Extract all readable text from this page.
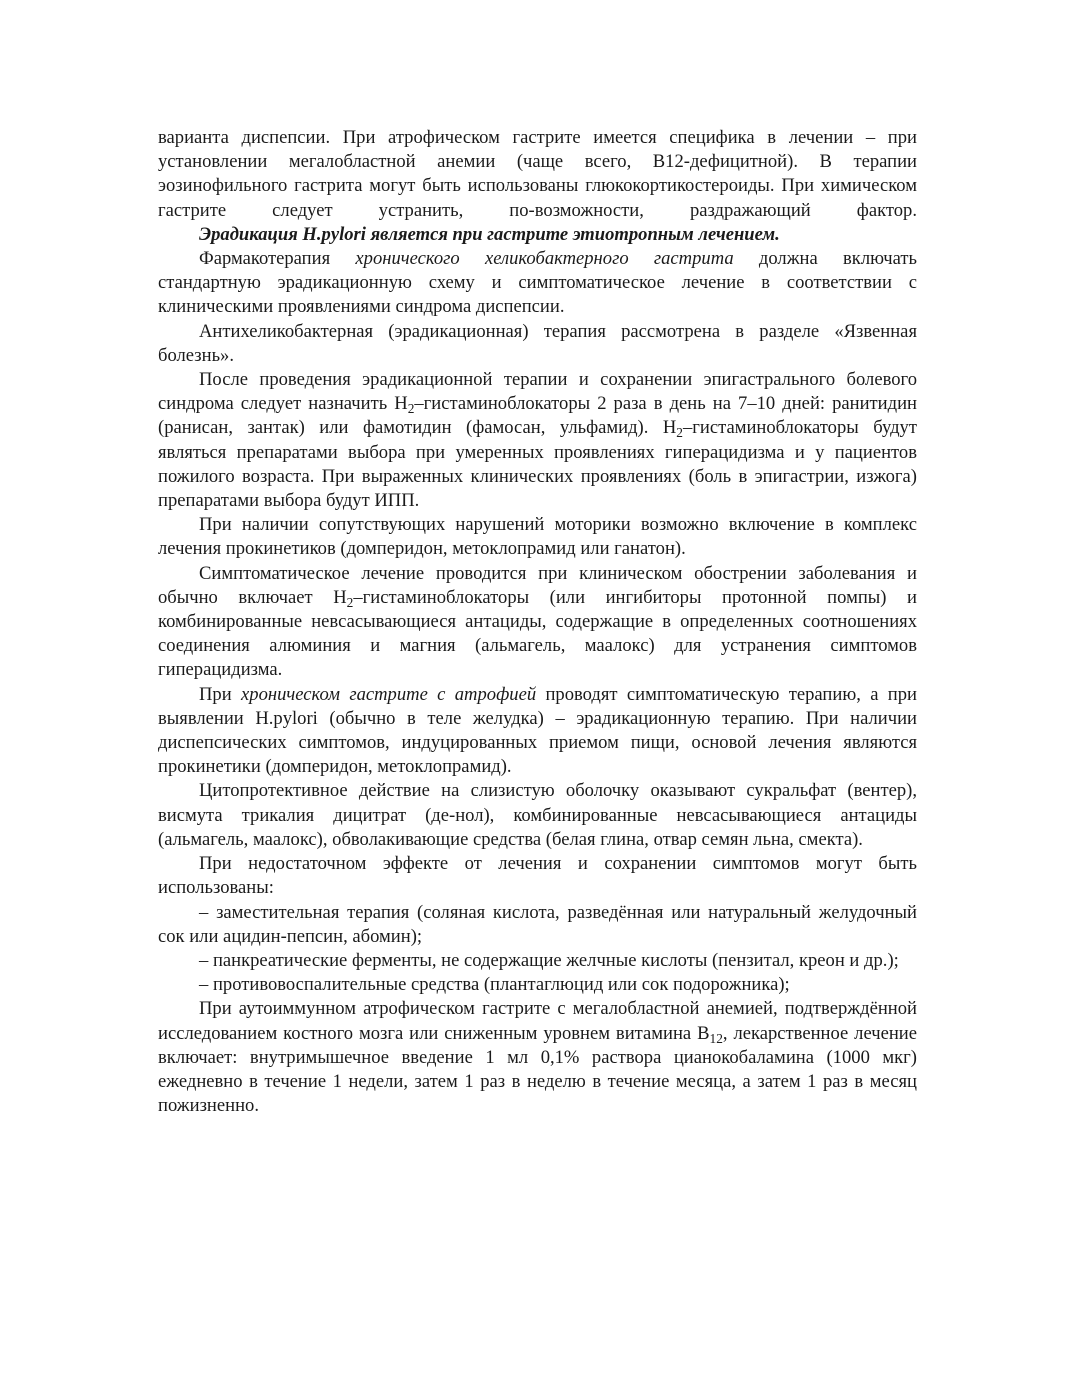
варианта диспепсии. При атрофическом гастрите имеется специфика в лечении – при установлении мегалобластной анемии (чаще всего, В12-дефицитной). В терапии эозинофильного гастрита могут быть использованы глюкокортикостероиды. При химическом гастрите следует устранить, по-возможности, раздражающий фактор.

Эрадикация H.pylori является при гастрите этиотропным лечением.

Фармакотерапия хронического хеликобактерного гастрита должна включать стандартную эрадикационную схему и симптоматическое лечение в соответствии с клиническими проявлениями синдрома диспепсии.

Антихеликобактерная (эрадикационная) терапия рассмотрена в разделе «Язвенная болезнь».

После проведения эрадикационной терапии и сохранении эпигастрального болевого синдрома следует назначить $Н_2$–гистаминоблокаторы 2 раза в день на 7–10 дней: ранитидин (ранисан, зантак) или фамотидин (фамосан, ульфамид). $Н_2$–гистаминоблокаторы будут являться препаратами выбора при умеренных проявлениях гиперацидизма и у пациентов пожилого возраста. При выраженных клинических проявлениях (боль в эпигастрии, изжога) препаратами выбора будут ИПП.

При наличии сопутствующих нарушений моторики возможно включение в комплекс лечения прокинетиков (домперидон, метоклопрамид или ганатон).

Симптоматическое лечение проводится при клиническом обострении заболевания и обычно включает $Н_2$–гистаминоблокаторы (или ингибиторы протонной помпы) и комбинированные невсасывающиеся антациды, содержащие в определенных соотношениях соединения алюминия и магния (альмагель, маалокс) для устранения симптомов гиперацидизма.

При хроническом гастрите с атрофией проводят симптоматическую терапию, а при выявлении H.pylori (обычно в теле желудка) – эрадикационную терапию. При наличии диспепсических симптомов, индуцированных приемом пищи, основой лечения являются прокинетики (домперидон, метоклопрамид).

Цитопротективное действие на слизистую оболочку оказывают сукральфат (вентер), висмута трикалия дицитрат (де-нол), комбинированные невсасывающиеся антациды (альмагель, маалокс), обволакивающие средства (белая глина, отвар семян льна, смекта).

При недостаточном эффекте от лечения и сохранении симптомов могут быть использованы:

– заместительная терапия (соляная кислота, разведённая или натуральный желудочный сок или ацидин-пепсин, абомин);

– панкреатические ферменты, не содержащие желчные кислоты (пензитал, креон и др.);

– противовоспалительные средства (плантаглюцид или сок подорожника);

При аутоиммунном атрофическом гастрите с мегалобластной анемией, подтверждённой исследованием костного мозга или сниженным уровнем витамина $В_{12}$, лекарственное лечение включает: внутримышечное введение 1 мл 0,1% раствора цианокобаламина (1000 мкг) ежедневно в течение 1 недели, затем 1 раз в неделю в течение месяца, а затем 1 раз в месяц пожизненно.
